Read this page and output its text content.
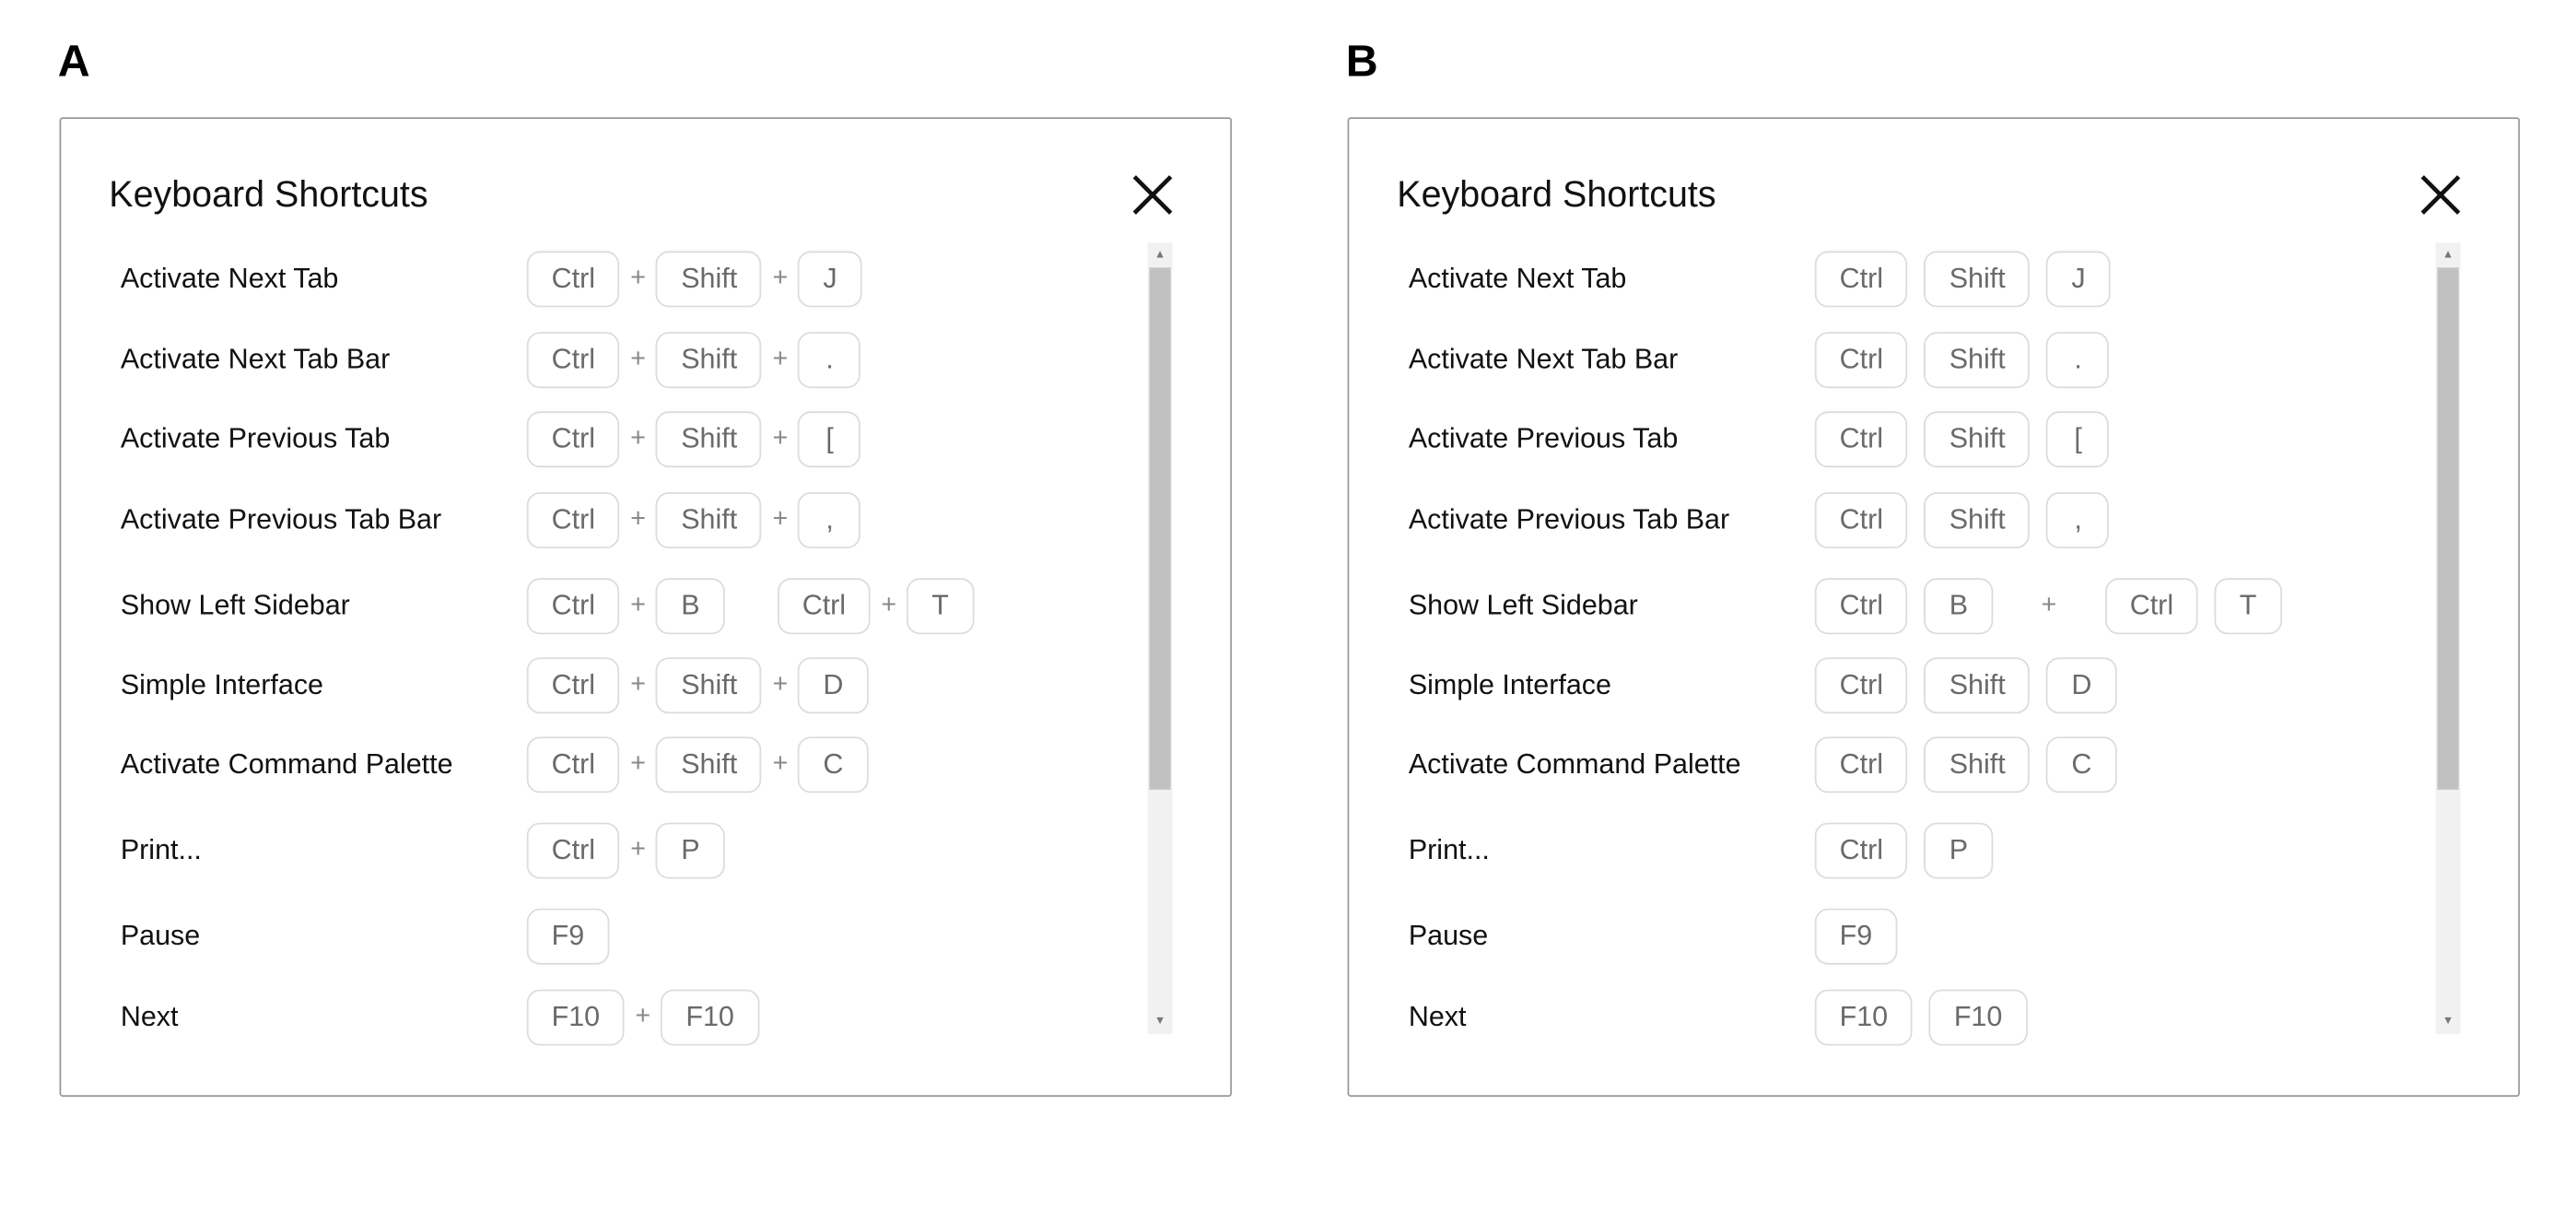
A
Keyboard Shortcuts
▲
▼
Activate Next Tab	Ctrl	+	Shift	+	J
Activate Next Tab Bar	Ctrl	+	Shift	+	.
Activate Previous Tab	Ctrl	+	Shift	+	[
Activate Previous Tab Bar	Ctrl	+	Shift	+	,
Show Left Sidebar	Ctrl	+	B	Ctrl	+	T
Simple Interface	Ctrl	+	Shift	+	D
Activate Command Palette	Ctrl	+	Shift	+	C
Print...	Ctrl	+	P
Pause	F9
Next	F10	+	F10
B
Keyboard Shortcuts
▲
▼
Activate Next Tab	Ctrl	Shift	J
Activate Next Tab Bar	Ctrl	Shift	.
Activate Previous Tab	Ctrl	Shift	[
Activate Previous Tab Bar	Ctrl	Shift	,
Show Left Sidebar	Ctrl	B	+	Ctrl	T
Simple Interface	Ctrl	Shift	D
Activate Command Palette	Ctrl	Shift	C
Print...	Ctrl	P
Pause	F9
Next	F10	F10
